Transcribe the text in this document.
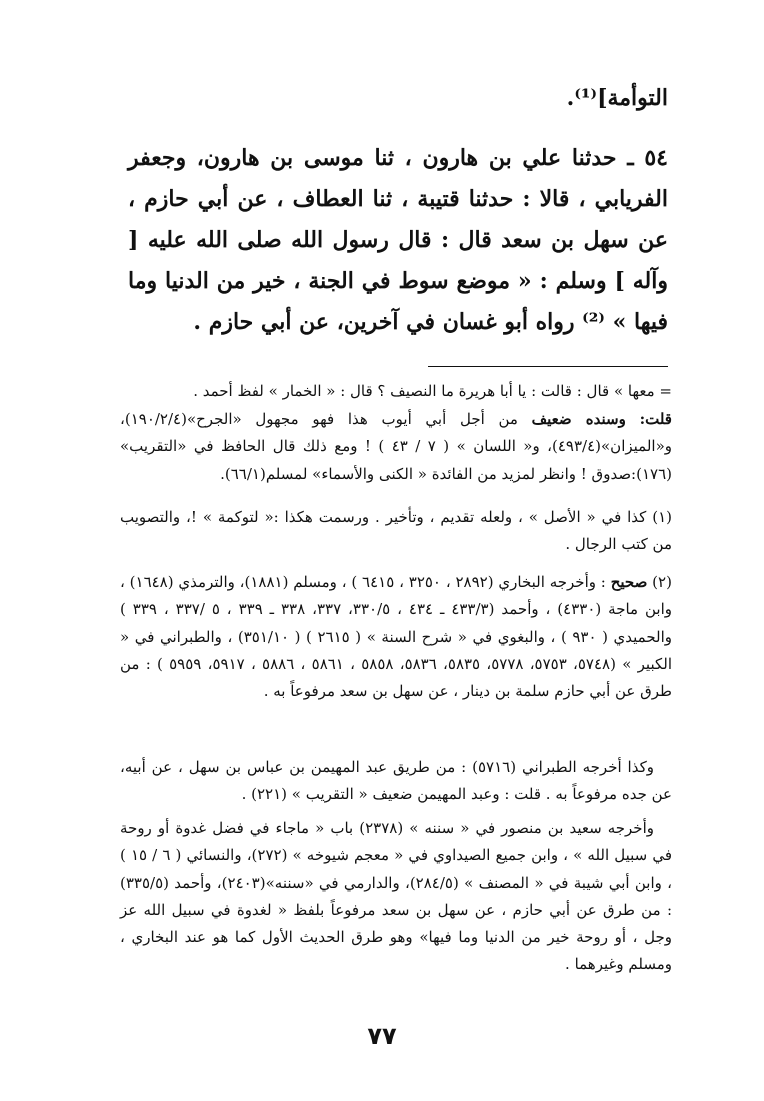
التوأمة]⁽¹⁾.
٥٤ ـ حدثنا علي بن هارون ، ثنا موسى بن هارون، وجعفر الفريابي ، قالا : حدثنا قتيبة ، ثنا العطاف ، عن أبي حازم ، عن سهل بن سعد قال : قال رسول الله صلى الله عليه [ وآله ] وسلم : « موضع سوط في الجنة ، خير من الدنيا وما فيها » ⁽²⁾ رواه أبو غسان في آخرين، عن أبي حازم .
= معها » قال : قالت : يا أبا هريرة ما النصيف ؟ قال : « الخمار » لفظ أحمد .
قلت: وسنده ضعيف من أجل أبي أيوب هذا فهو مجهول «الجرح»(١٩٠/٢/٤)، و«الميزان»(٤٩٣/٤)، و« اللسان » ( ٧ / ٤٣ ) ! ومع ذلك قال الحافظ في «التقريب» (١٧٦):صدوق ! وانظر لمزيد من الفائدة « الكنى والأسماء» لمسلم(٦٦/١).
(١) كذا في « الأصل » ، ولعله تقديم ، وتأخير . ورسمت هكذا :« لتوكمة » !، والتصويب من كتب الرجال .
(٢) صحيح : وأخرجه البخاري (٢٨٩٢ ، ٣٢٥٠ ، ٦٤١٥ ) ، ومسلم (١٨٨١)، والترمذي (١٦٤٨) ، وابن ماجة (٤٣٣٠) ، وأحمد (٤٣٣/٣ ـ ٤٣٤ ، ٣٣٠/٥، ٣٣٧، ٣٣٨ ـ ٣٣٩ ، ٥ /٣٣٧ ، ٣٣٩ ) والحميدي ( ٩٣٠ ) ، والبغوي في « شرح السنة » ( ٢٦١٥ ) ( ٣٥١/١٠) ، والطبراني في « الكبير » (٥٧٤٨، ٥٧٥٣، ٥٧٧٨، ٥٨٣٥، ٥٨٣٦، ٥٨٥٨ ، ٥٨٦١ ، ٥٨٨٦ ، ٥٩١٧، ٥٩٥٩ ) : من طرق عن أبي حازم سلمة بن دينار ، عن سهل بن سعد مرفوعاً به .
وكذا أخرجه الطبراني (٥٧١٦) : من طريق عبد المهيمن بن عباس بن سهل ، عن أبيه، عن جده مرفوعاً به . قلت : وعبد المهيمن ضعيف « التقريب » (٢٢١) .
وأخرجه سعيد بن منصور في « سننه » (٢٣٧٨) باب « ماجاء في فضل غدوة أو روحة في سبيل الله » ، وابن جميع الصيداوي في « معجم شيوخه » (٢٧٢)، والنسائي ( ٦ / ١٥ ) ، وابن أبي شيبة في « المصنف » (٢٨٤/٥)، والدارمي في «سننه»(٢٤٠٣)، وأحمد (٣٣٥/٥) : من طرق عن أبي حازم ، عن سهل بن سعد مرفوعاً بلفظ « لغدوة في سبيل الله عز وجل ، أو روحة خير من الدنيا وما فيها» وهو طرق الحديث الأول كما هو عند البخاري ، ومسلم وغيرهما .
٧٧
